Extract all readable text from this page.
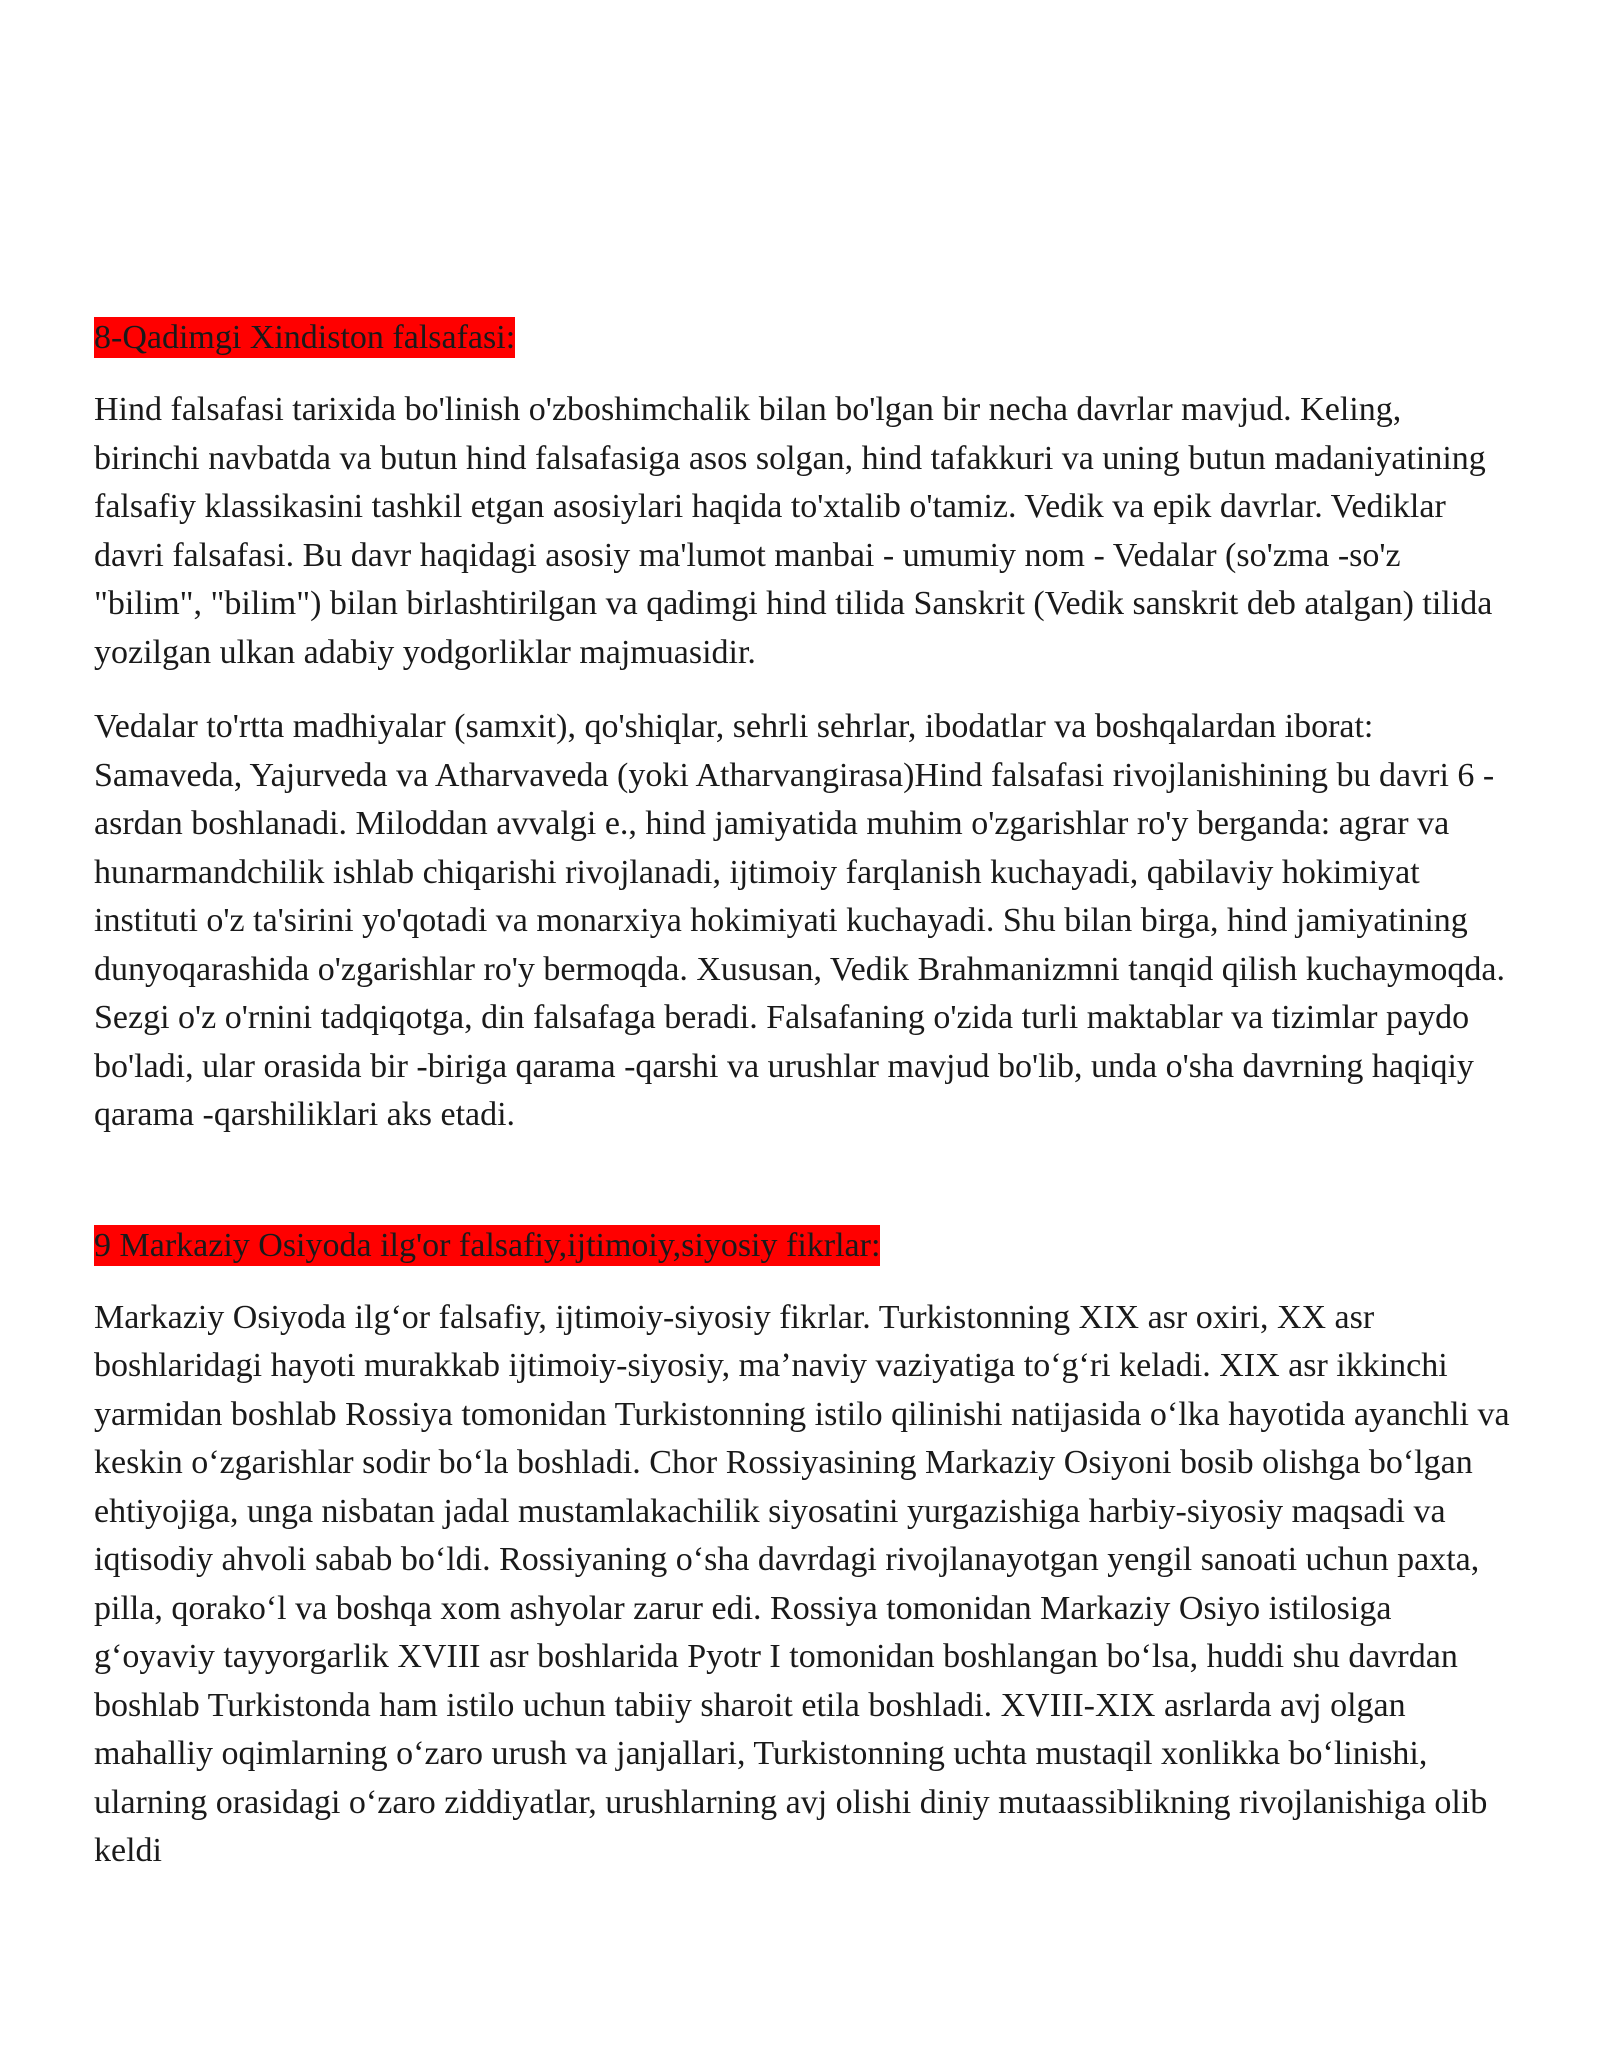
8-Qadimgi Xindiston falsafasi:

Hind falsafasi tarixida bo'linish o'zboshimchalik bilan bo'lgan bir necha davrlar mavjud. Keling, birinchi navbatda va butun hind falsafasiga asos solgan, hind tafakkuri va uning butun madaniyatining falsafiy klassikasini tashkil etgan asosiylari haqida to'xtalib o'tamiz. Vedik va epik davrlar. Vediklar davri falsafasi. Bu davr haqidagi asosiy ma'lumot manbai - umumiy nom - Vedalar (so'zma -so'z "bilim", "bilim") bilan birlashtirilgan va qadimgi hind tilida Sanskrit (Vedik sanskrit deb atalgan) tilida yozilgan ulkan adabiy yodgorliklar majmuasidir.

Vedalar to'rtta madhiyalar (samxit), qo'shiqlar, sehrli sehrlar, ibodatlar va boshqalardan iborat: Samaveda, Yajurveda va Atharvaveda (yoki Atharvangirasa)Hind falsafasi rivojlanishining bu davri 6 -asrdan boshlanadi. Miloddan avvalgi e., hind jamiyatida muhim o'zgarishlar ro'y berganda: agrar va hunarmandchilik ishlab chiqarishi rivojlanadi, ijtimoiy farqlanish kuchayadi, qabilaviy hokimiyat instituti o'z ta'sirini yo'qotadi va monarxiya hokimiyati kuchayadi. Shu bilan birga, hind jamiyatining dunyoqarashida o'zgarishlar ro'y bermoqda. Xususan, Vedik Brahmanizmni tanqid qilish kuchaymoqda. Sezgi o'z o'rnini tadqiqotga, din falsafaga beradi. Falsafaning o'zida turli maktablar va tizimlar paydo bo'ladi, ular orasida bir -biriga qarama -qarshi va urushlar mavjud bo'lib, unda o'sha davrning haqiqiy qarama -qarshiliklari aks etadi.

9 Markaziy Osiyoda ilg'or falsafiy,ijtimoiy,siyosiy fikrlar:

Markaziy Osiyoda ilgʻor falsafiy, ijtimoiy-siyosiy fikrlar. Turkistonning XIX asr oxiri, XX asr boshlaridagi hayoti murakkab ijtimoiy-siyosiy, maʼnaviy vaziyatiga toʻgʻri keladi. XIX asr ikkinchi yarmidan boshlab Rossiya tomonidan Turkistonning istilo qilinishi natijasida oʻlka hayotida ayanchli va keskin oʻzgarishlar sodir boʻla boshladi. Chor Rossiyasining Markaziy Osiyoni bosib olishga boʻlgan ehtiyojiga, unga nisbatan jadal mustamlakachilik siyosatini yurgazishiga harbiy-siyosiy maqsadi va iqtisodiy ahvoli sabab boʻldi. Rossiyaning oʻsha davrdagi rivojlanayotgan yengil sanoati uchun paxta, pilla, qorakoʻl va boshqa xom ashyolar zarur edi. Rossiya tomonidan Markaziy Osiyo istilosiga gʻoyaviy tayyorgarlik XVIII asr boshlarida Pyotr I tomonidan boshlangan boʻlsa, huddi shu davrdan boshlab Turkistonda ham istilo uchun tabiiy sharoit etila boshladi. XVIII-XIX asrlarda avj olgan mahalliy oqimlarning oʻzaro urush va janjallari, Turkistonning uchta mustaqil xonlikka boʻlinishi, ularning orasidagi oʻzaro ziddiyatlar, urushlarning avj olishi diniy mutaassiblikning rivojlanishiga olib keldi
